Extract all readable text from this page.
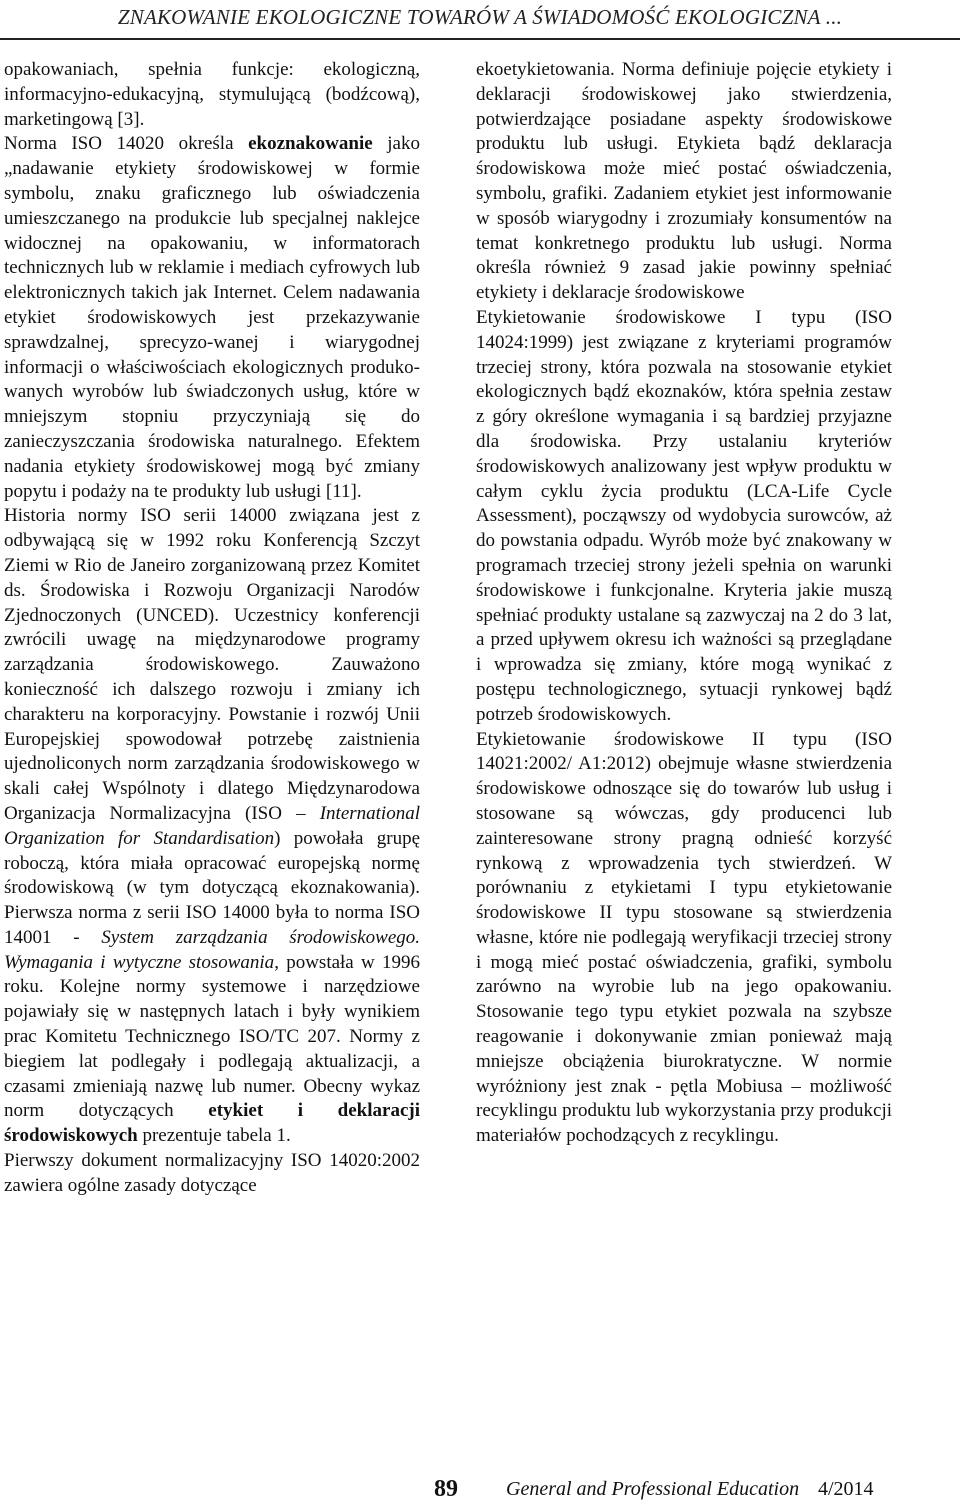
ZNAKOWANIE EKOLOGICZNE TOWARÓW A ŚWIADOMOŚĆ EKOLOGICZNA ...

opakowaniach, spełnia funkcje: ekologiczną, informacyjno-edukacyjną, stymulującą (bodźcową), marketingową [3].

Norma ISO 14020 określa ekoznakowanie jako „nadawanie etykiety środowiskowej w formie symbolu, znaku graficznego lub oświadczenia umieszczanego na produkcie lub specjalnej naklejce widocznej na opakowaniu, w informatorach technicznych lub w reklamie i mediach cyfrowych lub elektronicznych takich jak Internet. Celem nadawania etykiet środowiskowych jest przekazywanie sprawdzalnej, sprecyzo-wanej i wiarygodnej informacji o właściwościach ekologicznych produko-wanych wyrobów lub świadczonych usług, które w mniejszym stopniu przyczyniają się do zanieczyszczania środowiska naturalnego. Efektem nadania etykiety środowiskowej mogą być zmiany popytu i podaży na te produkty lub usługi [11].

Historia normy ISO serii 14000 związana jest z odbywającą się w 1992 roku Konferencją Szczyt Ziemi w Rio de Janeiro zorganizowaną przez Komitet ds. Środowiska i Rozwoju Organizacji Narodów Zjednoczonych (UNCED). Uczestnicy konferencji zwrócili uwagę na międzynarodowe programy zarządzania środowiskowego. Zauważono konieczność ich dalszego rozwoju i zmiany ich charakteru na korporacyjny. Powstanie i rozwój Unii Europejskiej spowodował potrzebę zaistnienia ujednoliconych norm zarządzania środowiskowego w skali całej Wspólnoty i dlatego Międzynarodowa Organizacja Normalizacyjna (ISO – International Organization for Standardisation) powołała grupę roboczą, która miała opracować europejską normę środowiskową (w tym dotyczącą ekoznakowania). Pierwsza norma z serii ISO 14000 była to norma ISO 14001 - System zarządzania środowiskowego. Wymagania i wytyczne stosowania, powstała w 1996 roku. Kolejne normy systemowe i narzędziowe pojawiały się w następnych latach i były wynikiem prac Komitetu Technicznego ISO/TC 207. Normy z biegiem lat podlegały i podlegają aktualizacji, a czasami zmieniają nazwę lub numer. Obecny wykaz norm dotyczących etykiet i deklaracji środowiskowych prezentuje tabela 1.

Pierwszy dokument normalizacyjny ISO 14020:2002 zawiera ogólne zasady dotyczące

ekoetykietowania. Norma definiuje pojęcie etykiety i deklaracji środowiskowej jako stwierdzenia, potwierdzające posiadane aspekty środowiskowe produktu lub usługi. Etykieta bądź deklaracja środowiskowa może mieć postać oświadczenia, symbolu, grafiki. Zadaniem etykiet jest informowanie w sposób wiarygodny i zrozumiały konsumentów na temat konkretnego produktu lub usługi. Norma określa również 9 zasad jakie powinny spełniać etykiety i deklaracje środowiskowe

Etykietowanie środowiskowe I typu (ISO 14024:1999) jest związane z kryteriami programów trzeciej strony, która pozwala na stosowanie etykiet ekologicznych bądź ekoznaków, która spełnia zestaw z góry określone wymagania i są bardziej przyjazne dla środowiska. Przy ustalaniu kryteriów środowiskowych analizowany jest wpływ produktu w całym cyklu życia produktu (LCA-Life Cycle Assessment), począwszy od wydobycia surowców, aż do powstania odpadu. Wyrób może być znakowany w programach trzeciej strony jeżeli spełnia on warunki środowiskowe i funkcjonalne. Kryteria jakie muszą spełniać produkty ustalane są zazwyczaj na 2 do 3 lat, a przed upływem okresu ich ważności są przeglądane i wprowadza się zmiany, które mogą wynikać z postępu technologicznego, sytuacji rynkowej bądź potrzeb środowiskowych.

Etykietowanie środowiskowe II typu (ISO 14021:2002/ A1:2012) obejmuje własne stwierdzenia środowiskowe odnoszące się do towarów lub usług i stosowane są wówczas, gdy producenci lub zainteresowane strony pragną odnieść korzyść rynkową z wprowadzenia tych stwierdzeń. W porównaniu z etykietami I typu etykietowanie środowiskowe II typu stosowane są stwierdzenia własne, które nie podlegają weryfikacji trzeciej strony i mogą mieć postać oświadczenia, grafiki, symbolu zarówno na wyrobie lub na jego opakowaniu. Stosowanie tego typu etykiet pozwala na szybsze reagowanie i dokonywanie zmian ponieważ mają mniejsze obciążenia biurokratyczne. W normie wyróżniony jest znak - pętla Mobiusa – możliwość recyklingu produktu lub wykorzystania przy produkcji materiałów pochodzących z recyklingu.

89 General and Professional Education 4/2014
